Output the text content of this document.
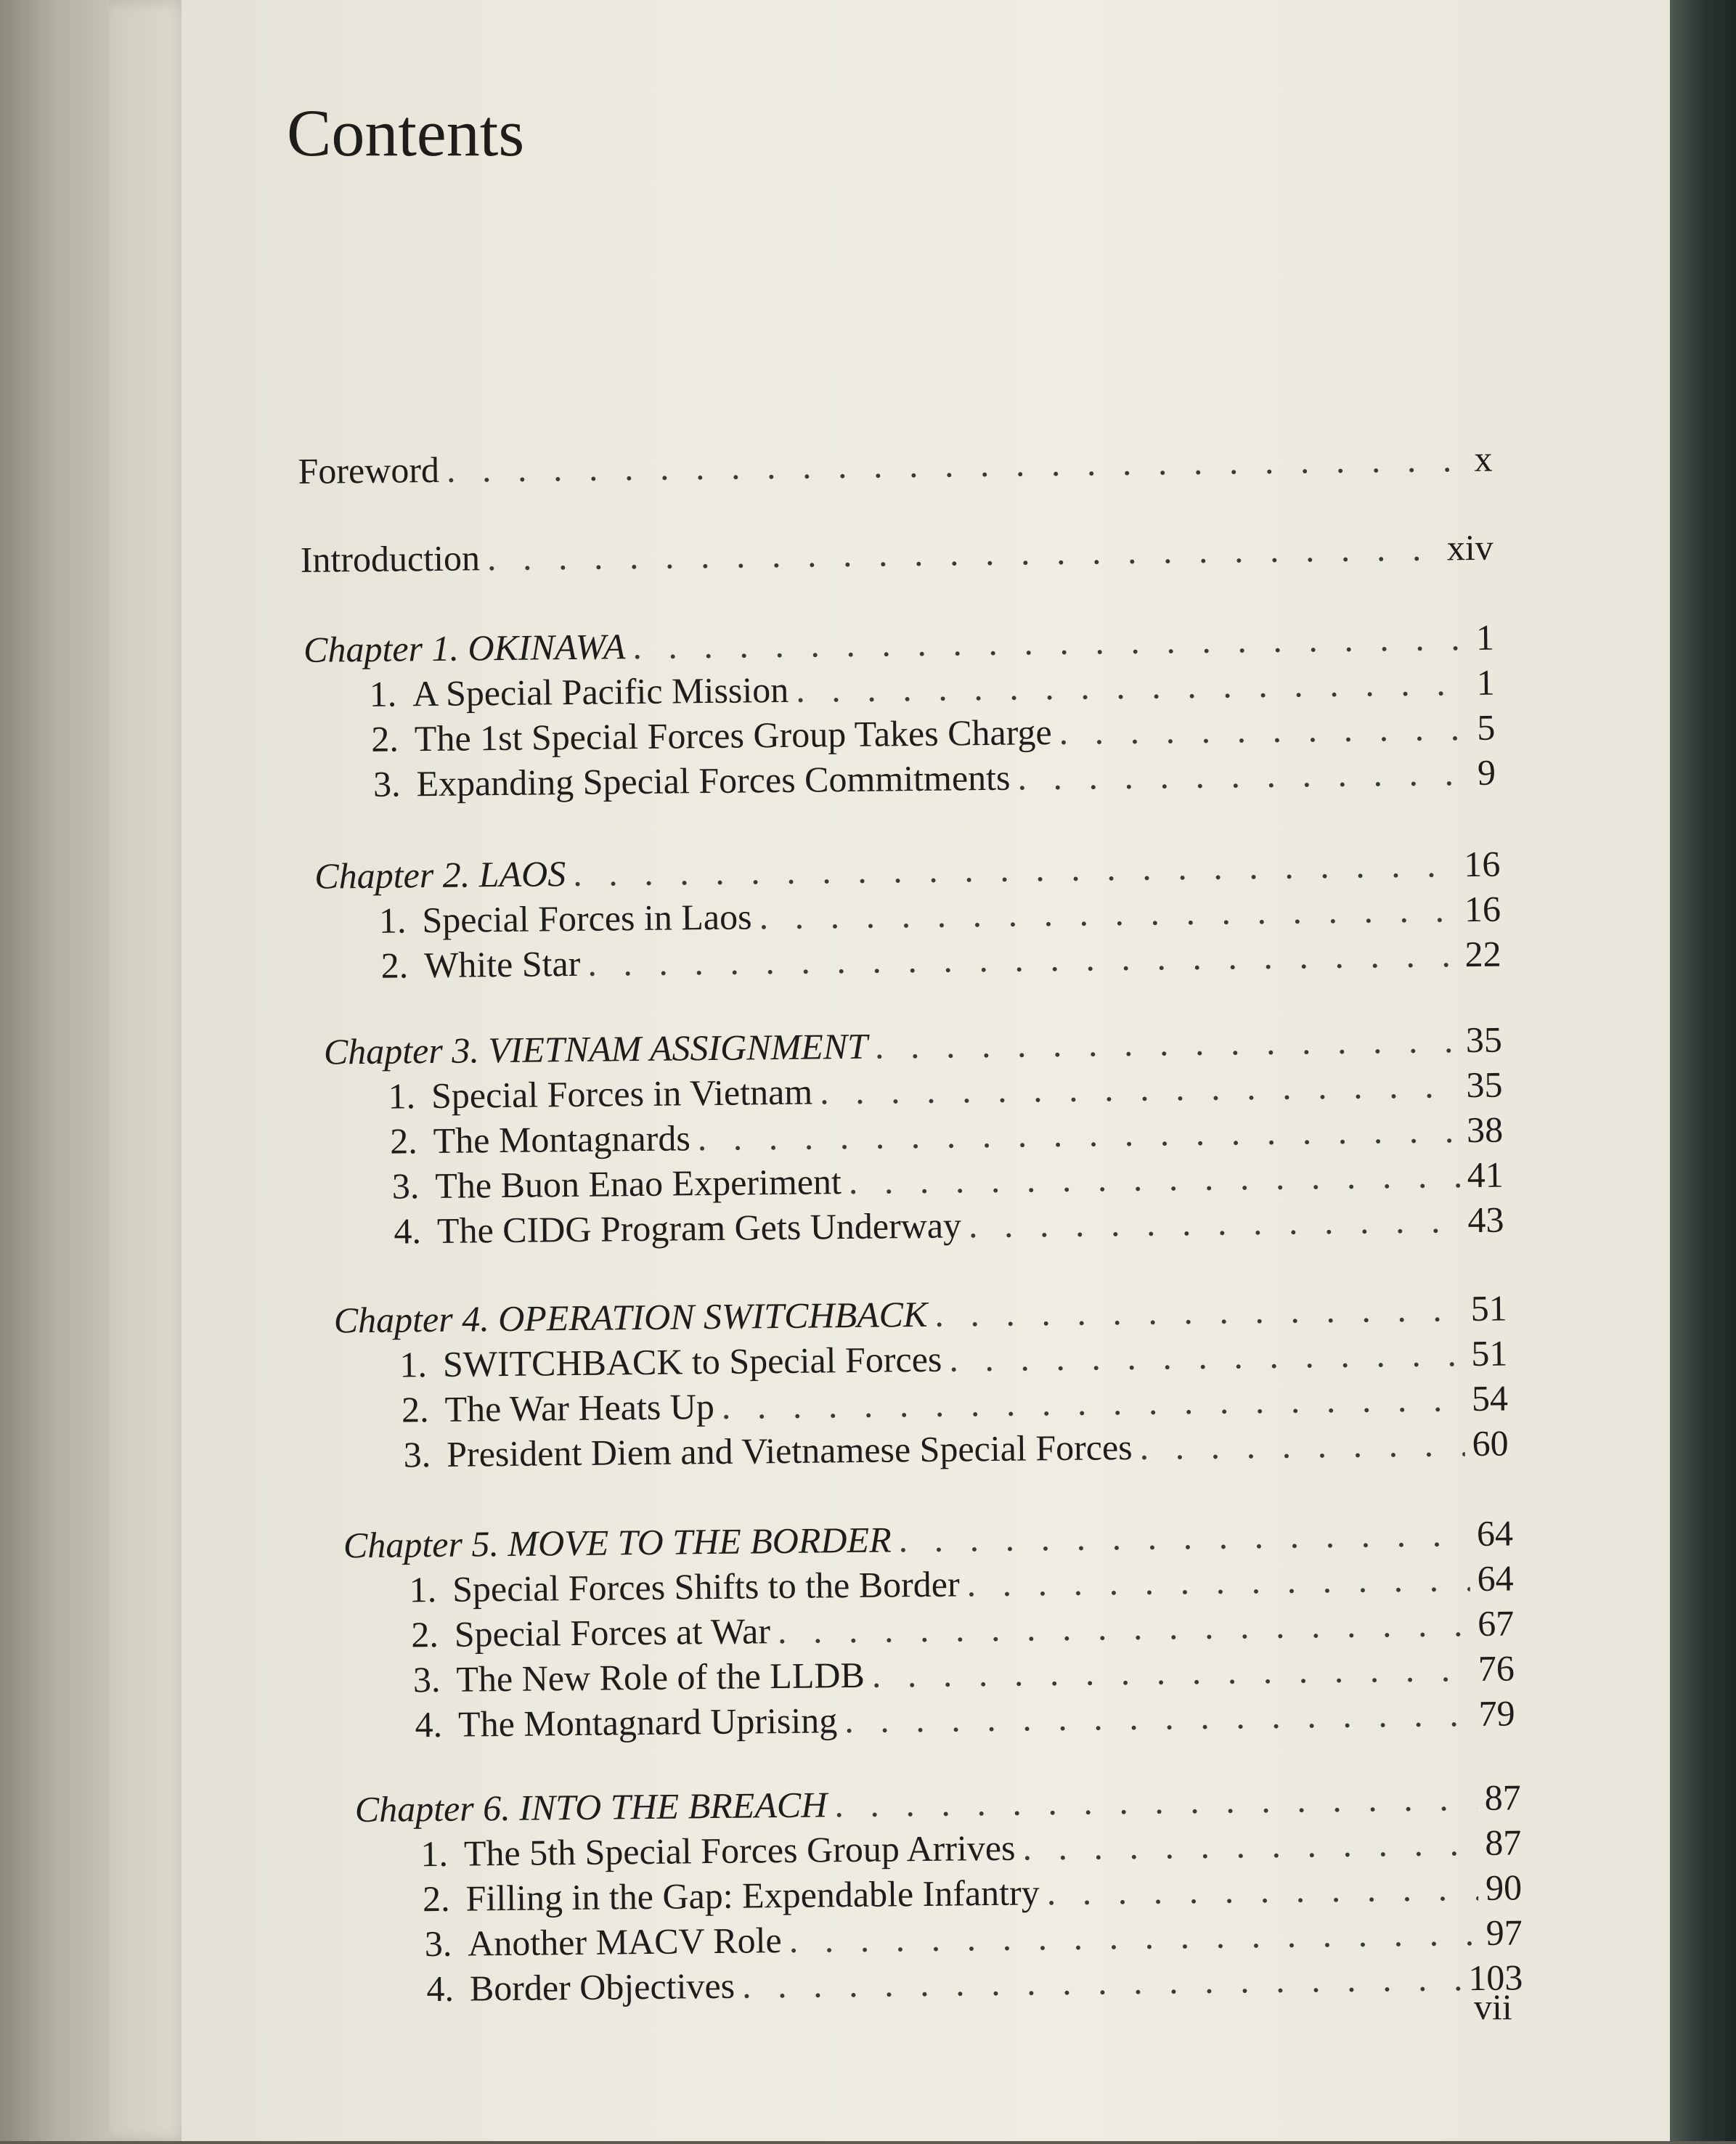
Contents
Foreword . . .	x
Introduction . . .	xiv
Chapter 1. OKINAWA . . .	1
1. A Special Pacific Mission . . .	1
2. The 1st Special Forces Group Takes Charge . . .	5
3. Expanding Special Forces Commitments . . .	9
Chapter 2. LAOS . . .	16
1. Special Forces in Laos . . .	16
2. White Star . . .	22
Chapter 3. VIETNAM ASSIGNMENT . . .	35
1. Special Forces in Vietnam . . .	35
2. The Montagnards . . .	38
3. The Buon Enao Experiment . . .	41
4. The CIDG Program Gets Underway . . .	43
Chapter 4. OPERATION SWITCHBACK . . .	51
1. SWITCHBACK to Special Forces . . .	51
2. The War Heats Up . . .	54
3. President Diem and Vietnamese Special Forces . . .	60
Chapter 5. MOVE TO THE BORDER . . .	64
1. Special Forces Shifts to the Border . . .	64
2. Special Forces at War . . .	67
3. The New Role of the LLDB . . .	76
4. The Montagnard Uprising . . .	79
Chapter 6. INTO THE BREACH . . .	87
1. The 5th Special Forces Group Arrives . . .	87
2. Filling in the Gap: Expendable Infantry . . .	90
3. Another MACV Role . . .	97
4. Border Objectives . . .	103
vii
